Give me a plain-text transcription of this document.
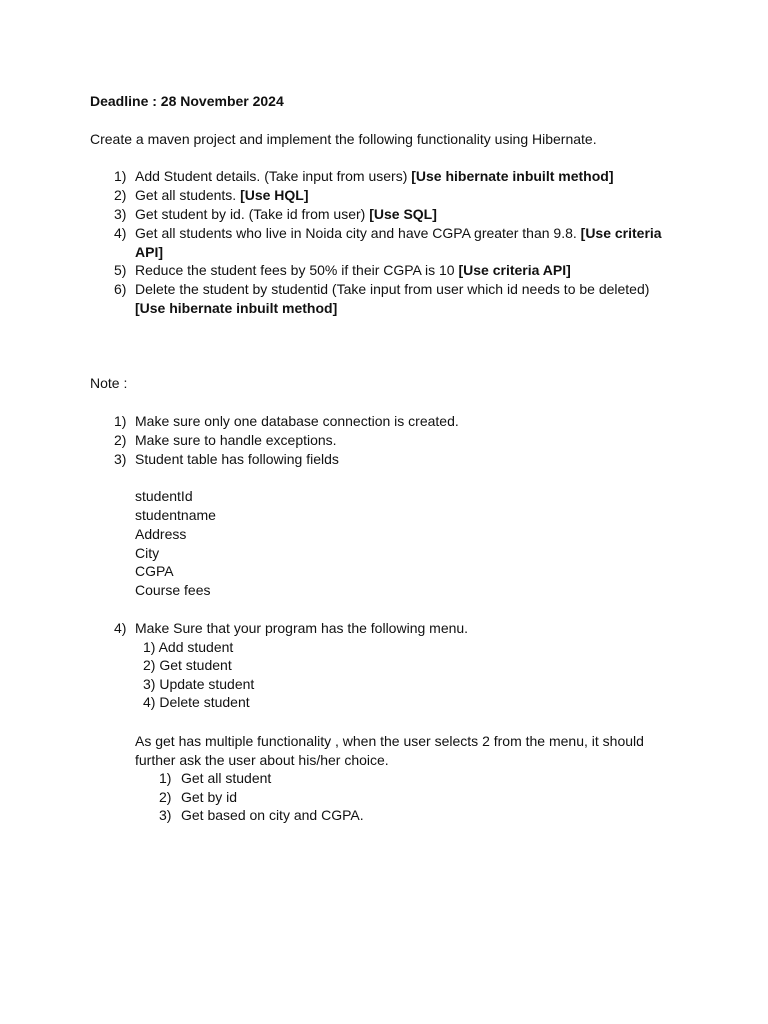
Deadline : 28 November 2024
Create a maven project and implement the following functionality using Hibernate.
1) Add Student details. (Take input from users) [Use hibernate inbuilt method]
2) Get all students. [Use HQL]
3) Get student by id. (Take id from user) [Use SQL]
4) Get all students who live in Noida city and have CGPA greater than 9.8. [Use criteria
API]
5) Reduce the student fees by 50% if their CGPA is 10 [Use criteria API]
6) Delete the student by studentid (Take input from user which id needs to be deleted)
[Use hibernate inbuilt method]
Note :
1) Make sure only one database connection is created.
2) Make sure to handle exceptions.
3) Student table has following fields
studentId
studentname
Address
City
CGPA
Course fees
4) Make Sure that your program has the following menu.
1) Add student
2) Get student
3) Update student
4) Delete student
As get has multiple functionality , when the user selects 2 from the menu, it should
further ask the user about his/her choice.
1) Get all student
2) Get by id
3) Get based on city and CGPA.
